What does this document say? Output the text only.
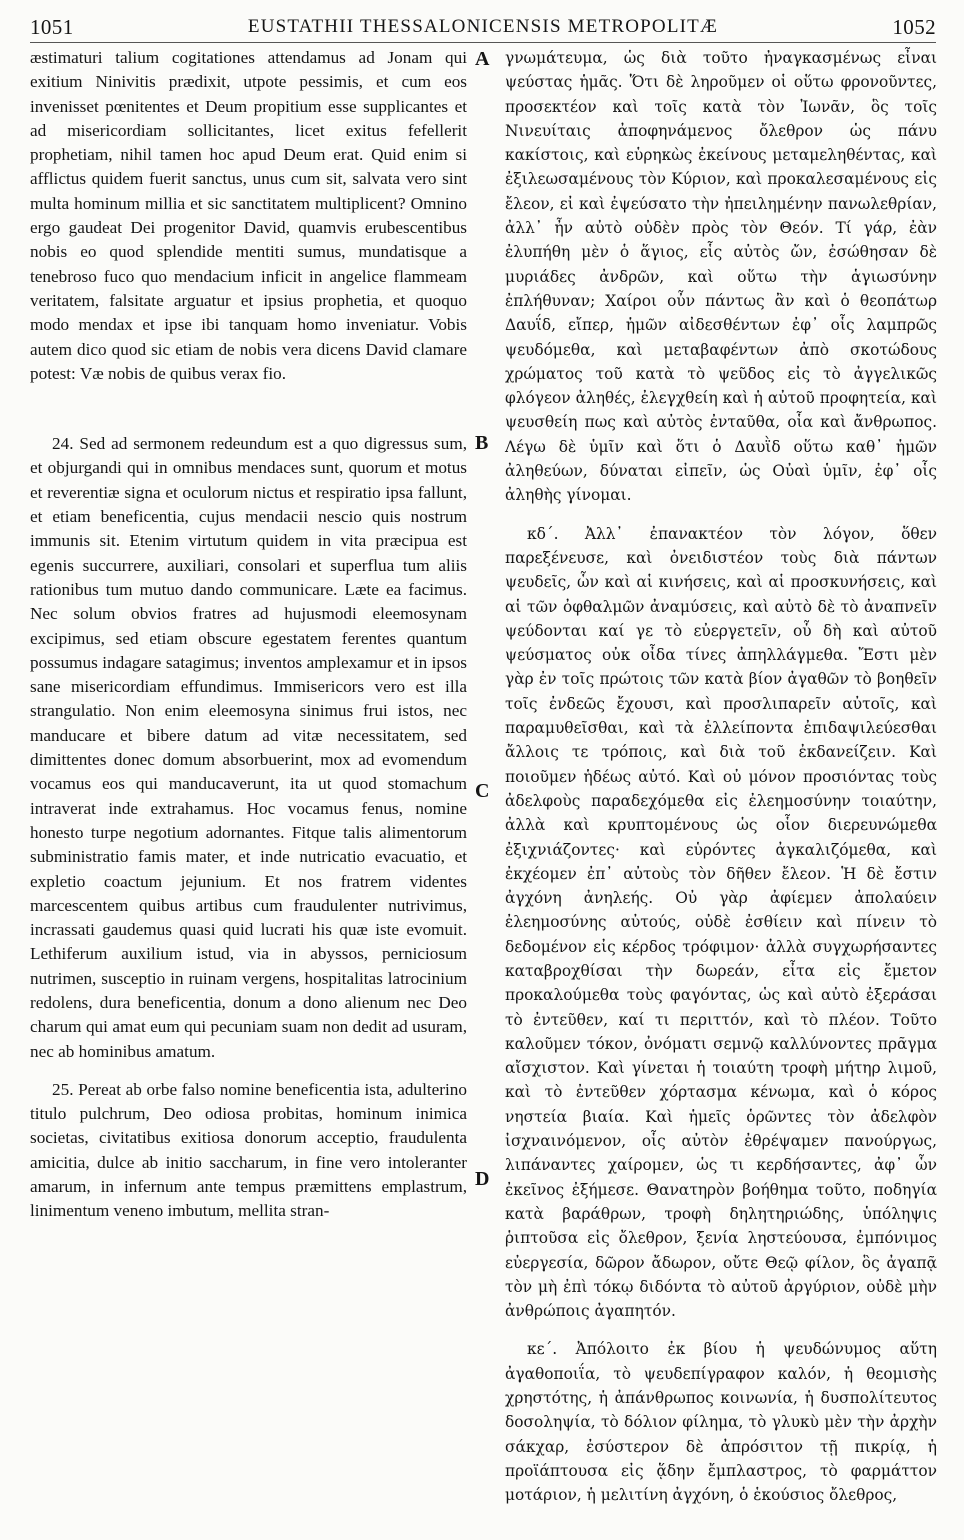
1051	EUSTATHII THESSALONICENSIS METROPOLITÆ	1052

æstimaturi talium cogitationes attendamus ad Jonam qui exitium Ninivitis prædixit, utpote pessimis, et cum eos invenisset pœnitentes et Deum propitium esse supplicantes et ad misericordiam sollicitantes, licet exitus fefellerit prophetiam, nihil tamen hoc apud Deum erat. Quid enim si afflictus quidem fuerit sanctus, unus cum sit, salvata vero sint multa hominum millia et sic sanctitatem multiplicent? Omnino ergo gaudeat Dei progenitor David, quamvis erubescentibus nobis eo quod splendide mentiti sumus, mundatisque a tenebroso fuco quo mendacium inficit in angelice flammeam veritatem, falsitate arguatur et ipsius prophetia, et quoquo modo mendax et ipse ibi tanquam homo inveniatur. Vobis autem dico quod sic etiam de nobis vera dicens David clamare potest: Væ nobis de quibus verax fio.

24. Sed ad sermonem redeundum est a quo digressus sum, et objurgandi qui in omnibus mendaces sunt, quorum et motus et reverentiæ signa et oculorum nictus et respiratio ipsa fallunt, et etiam beneficentia, cujus mendacii nescio quis nostrum immunis sit. Etenim virtutum quidem in vita præcipua est egenis succurrere, auxiliari, consolari et superflua tum aliis rationibus tum mutuo dando communicare. Læte ea facimus. Nec solum obvios fratres ad hujusmodi eleemosynam excipimus, sed etiam obscure egestatem ferentes quantum possumus indagare satagimus; inventos amplexamur et in ipsos sane misericordiam effundimus. Immisericors vero est illa strangulatio. Non enim eleemosyna sinimus frui istos, nec manducare et bibere datum ad vitæ necessitatem, sed dimittentes donec domum absorbuerint, mox ad evomendum vocamus eos qui manducaverunt, ita ut quod stomachum intraverat inde extrahamus. Hoc vocamus fenus, nomine honesto turpe negotium adornantes. Fitque talis alimentorum subministratio famis mater, et inde nutricatio evacuatio, et expletio coactum jejunium. Et nos fratrem videntes marcescentem quibus artibus cum fraudulenter nutrivimus, incrassati gaudemus quasi quid lucrati his quæ iste evomuit. Lethiferum auxilium istud, via in abyssos, perniciosum nutrimen, susceptio in ruinam vergens, hospitalitas latrocinium redolens, dura beneficentia, donum a dono alienum nec Deo charum qui amat eum qui pecuniam suam non dedit ad usuram, nec ab hominibus amatum.

25. Pereat ab orbe falso nomine beneficentia ista, adulterino titulo pulchrum, Deo odiosa probitas, hominum inimica societas, civitatibus exitiosa donorum acceptio, fraudulenta amicitia, dulce ab initio saccharum, in fine vero intoleranter amarum, in infernum ante tempus præmittens emplastrum, linimentum veneno imbutum, mellita stran-

γνωμάτευμα, ὡς διὰ τοῦτο ἠναγκασμένως εἶναι ψεύστας ἡμᾶς. Ὅτι δὲ ληροῦμεν οἱ οὕτω φρονοῦντες, προσεκτέον καὶ τοῖς κατὰ τὸν Ἰωνᾶν, ὃς τοῖς Νινευίταις ἀποφηνάμενος ὄλεθρον ὡς πάνυ κακίστοις, καὶ εὑρηκὼς ἐκείνους μεταμεληθέντας, καὶ ἐξιλεωσαμένους τὸν Κύριον, καὶ προκαλεσαμένους εἰς ἔλεον, εἰ καὶ ἐψεύσατο τὴν ἠπειλημένην πανωλεθρίαν, ἀλλ᾽ ἦν αὐτὸ οὐδὲν πρὸς τὸν Θεόν. Τί γάρ, ἐὰν ἐλυπήθη μὲν ὁ ἅγιος, εἷς αὐτὸς ὤν, ἐσώθησαν δὲ μυριάδες ἀνδρῶν, καὶ οὕτω τὴν ἁγιωσύνην ἐπλήθυναν; Χαίροι οὖν πάντως ἂν καὶ ὁ θεοπάτωρ Δαυΐδ, εἴπερ, ἡμῶν αἰδεσθέντων ἐφ᾽ οἷς λαμπρῶς ψευδόμεθα, καὶ μεταβαφέντων ἀπὸ σκοτώδους χρώματος τοῦ κατὰ τὸ ψεῦδος εἰς τὸ ἀγγελικῶς φλόγεον ἀληθές, ἐλεγχθείη καὶ ἡ αὐτοῦ προφητεία, καὶ ψευσθείη πως καὶ αὐτὸς ἐνταῦθα, οἷα καὶ ἄνθρωπος. Λέγω δὲ ὑμῖν καὶ ὅτι ὁ Δαυῒδ οὕτω καθ᾽ ἡμῶν ἀληθεύων, δύναται εἰπεῖν, ὡς Οὐαὶ ὑμῖν, ἐφ᾽ οἷς ἀληθὴς γίνομαι.

κδ΄. Ἀλλ᾽ ἐπανακτέον τὸν λόγον, ὅθεν παρεξένευσε, καὶ ὀνειδιστέον τοὺς διὰ πάντων ψευδεῖς, ὧν καὶ αἱ κινήσεις, καὶ αἱ προσκυνήσεις, καὶ αἱ τῶν ὀφθαλμῶν ἀναμύσεις, καὶ αὐτὸ δὲ τὸ ἀναπνεῖν ψεύδονται καί γε τὸ εὐεργετεῖν, οὗ δὴ καὶ αὐτοῦ ψεύσματος οὐκ οἶδα τίνες ἀπηλλάγμεθα. Ἔστι μὲν γὰρ ἐν τοῖς πρώτοις τῶν κατὰ βίον ἀγαθῶν τὸ βοηθεῖν τοῖς ἐνδεῶς ἔχουσι, καὶ προσλιπαρεῖν αὐτοῖς, καὶ παραμυθεῖσθαι, καὶ τὰ ἐλλείποντα ἐπιδαψιλεύεσθαι ἄλλοις τε τρόποις, καὶ διὰ τοῦ ἐκδανείζειν. Καὶ ποιοῦμεν ἡδέως αὐτό. Καὶ οὐ μόνον προσιόντας τοὺς ἀδελφοὺς παραδεχόμεθα εἰς ἐλεημοσύνην τοιαύτην, ἀλλὰ καὶ κρυπτομένους ὡς οἷον διερευνώμεθα ἐξιχνιάζοντες· καὶ εὑρόντες ἀγκαλιζόμεθα, καὶ ἐκχέομεν ἐπ᾽ αὐτοὺς τὸν δῆθεν ἔλεον. Ἡ δὲ ἔστιν ἀγχόνη ἀνηλεής. Οὐ γὰρ ἀφίεμεν ἀπολαύειν ἐλεημοσύνης αὐτούς, οὐδὲ ἐσθίειν καὶ πίνειν τὸ δεδομένον εἰς κέρδος τρόφιμον· ἀλλὰ συγχωρήσαντες καταβροχθίσαι τὴν δωρεάν, εἶτα εἰς ἔμετον προκαλούμεθα τοὺς φαγόντας, ὡς καὶ αὐτὸ ἐξεράσαι τὸ ἐντεῦθεν, καί τι περιττόν, καὶ τὸ πλέον. Τοῦτο καλοῦμεν τόκον, ὀνόματι σεμνῷ καλλύνοντες πρᾶγμα αἴσχιστον. Καὶ γίνεται ἡ τοιαύτη τροφὴ μήτηρ λιμοῦ, καὶ τὸ ἐντεῦθεν χόρτασμα κένωμα, καὶ ὁ κόρος νηστεία βιαία. Καὶ ἡμεῖς ὁρῶντες τὸν ἀδελφὸν ἰσχναινόμενον, οἷς αὐτὸν ἐθρέψαμεν πανούργως, λιπάναντες χαίρομεν, ὡς τι κερδήσαντες, ἀφ᾽ ὧν ἐκεῖνος ἐξήμεσε. Θανατηρὸν βοήθημα τοῦτο, ποδηγία κατὰ βαράθρων, τροφὴ δηλητηριώδης, ὑπόληψις ῥιπτοῦσα εἰς ὄλεθρον, ξενία ληστεύουσα, ἐμπόνιμος εὐεργεσία, δῶρον ἄδωρον, οὔτε Θεῷ φίλον, ὃς ἀγαπᾷ τὸν μὴ ἐπὶ τόκῳ διδόντα τὸ αὐτοῦ ἀργύριον, οὐδὲ μὴν ἀνθρώποις ἀγαπητόν.

κε΄. Ἀπόλοιτο ἐκ βίου ἡ ψευδώνυμος αὕτη ἀγαθοποιΐα, τὸ ψευδεπίγραφον καλόν, ἡ θεομισὴς χρηστότης, ἡ ἀπάνθρωπος κοινωνία, ἡ δυσπολίτευτος δοσοληψία, τὸ δόλιον φίλημα, τὸ γλυκὺ μὲν τὴν ἀρχὴν σάκχαρ, ἐσύστερον δὲ ἀπρόσιτον τῇ πικρίᾳ, ἡ προϊάπτουσα εἰς ᾅδην ἔμπλαστρος, τὸ φαρμάττον μοτάριον, ἡ μελιτίνη ἀγχόνη, ὁ ἑκούσιος ὄλεθρος,

A
B
C
D
